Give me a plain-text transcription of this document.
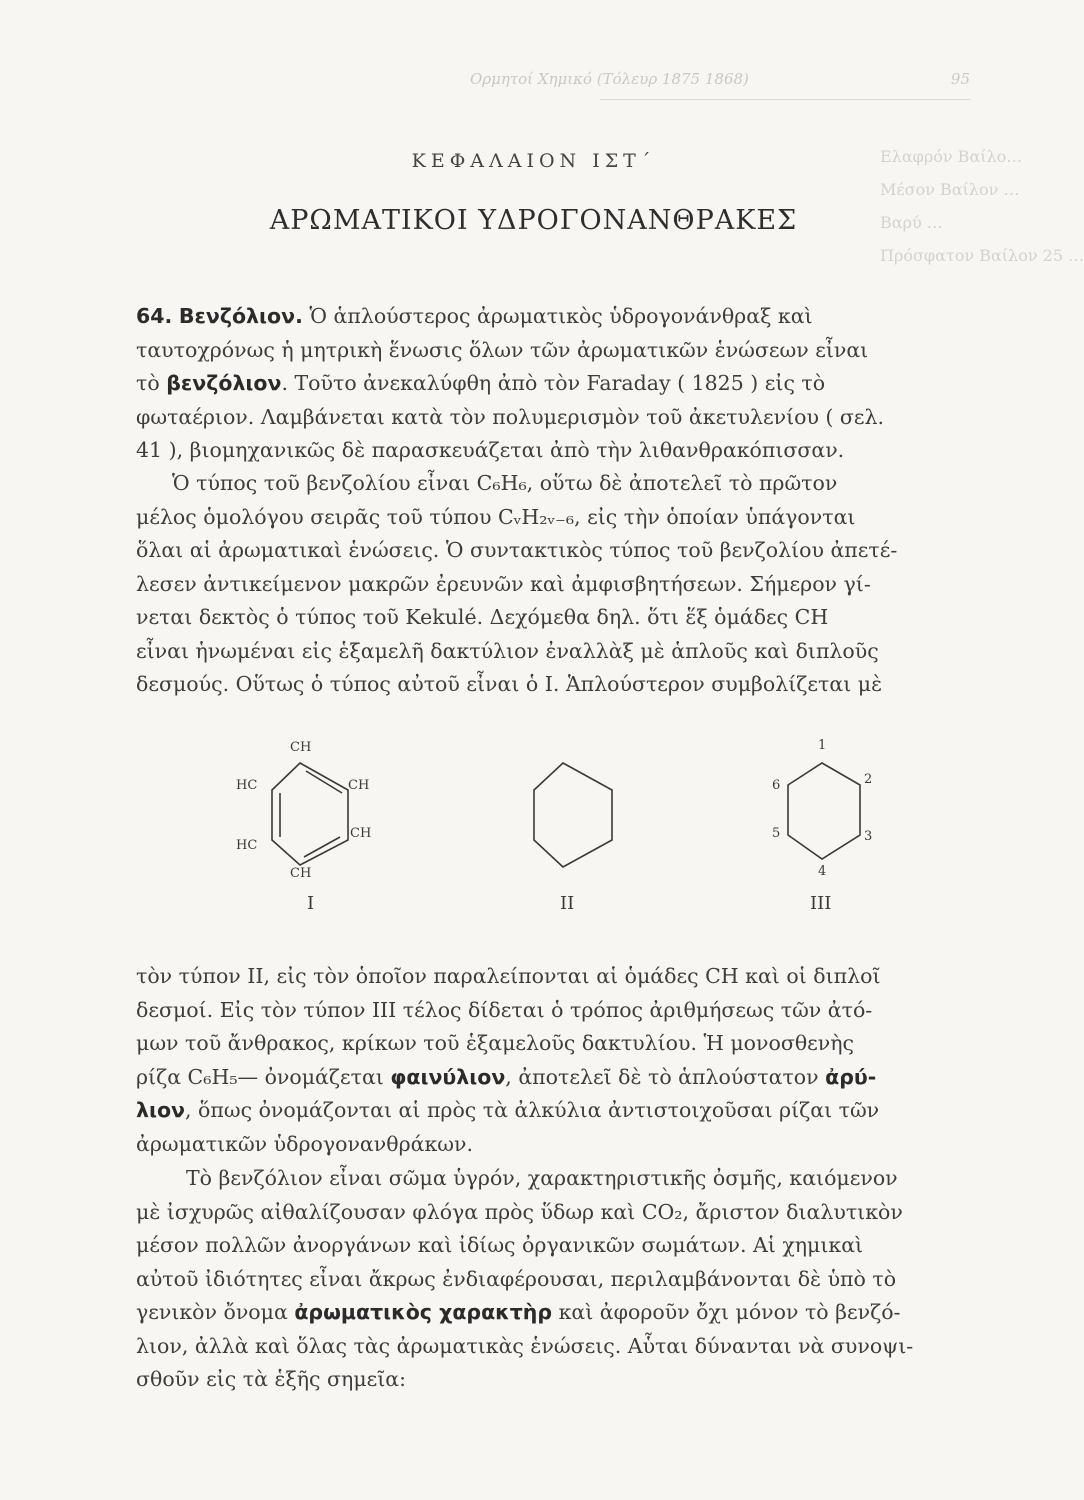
Ορμητοί Χημικό (Τόλευρ 1875 1868)	95
Ελαφρόν Βαίλο…
Μέσον Βαίλον …
Βαρύ …
Πρόσφατον Βαίλον 25 …
ΚΕΦΑΛΑΙΟΝ ΙΣΤ΄
ΑΡΩΜΑΤΙΚΟΙ ΥΔΡΟΓΟΝΑΝΘΡΑΚΕΣ
64. Βενζόλιον. Ὁ ἁπλούστερος ἀρωματικὸς ὑδρογονάνθραξ καὶ
ταυτοχρόνως ἡ μητρικὴ ἕνωσις ὅλων τῶν ἀρωματικῶν ἑνώσεων εἶναι
τὸ βενζόλιον. Τοῦτο ἀνεκαλύφθη ἀπὸ τὸν Faraday ( 1825 ) εἰς τὸ
φωταέριον. Λαμβάνεται κατὰ τὸν πολυμερισμὸν τοῦ ἀκετυλενίου ( σελ.
41 ), βιομηχανικῶς δὲ παρασκευάζεται ἀπὸ τὴν λιθανθρακόπισσαν.
Ὁ τύπος τοῦ βενζολίου εἶναι C₆H₆, οὕτω δὲ ἀποτελεῖ τὸ πρῶτον
μέλος ὁμολόγου σειρᾶς τοῦ τύπου CᵥH₂ᵥ₋₆, εἰς τὴν ὁποίαν ὑπάγονται
ὅλαι αἱ ἀρωματικαὶ ἑνώσεις. Ὁ συντακτικὸς τύπος τοῦ βενζολίου ἀπετέ-
λεσεν ἀντικείμενον μακρῶν ἐρευνῶν καὶ ἀμφισβητήσεων. Σήμερον γί-
νεται δεκτὸς ὁ τύπος τοῦ Kekulé. Δεχόμεθα δηλ. ὅτι ἕξ ὁμάδες CH
εἶναι ἡνωμέναι εἰς ἑξαμελῆ δακτύλιον ἐναλλὰξ μὲ ἁπλοῦς καὶ διπλοῦς
δεσμούς. Οὕτως ὁ τύπος αὐτοῦ εἶναι ὁ I. Ἁπλούστερον συμβολίζεται μὲ
CH
HC	CH
HC
CH
CH
I	II
1
2
3
4
5
6
III
τὸν τύπον II, εἰς τὸν ὁποῖον παραλείπονται αἱ ὁμάδες CH καὶ οἱ διπλοῖ
δεσμοί. Εἰς τὸν τύπον III τέλος δίδεται ὁ τρόπος ἀριθμήσεως τῶν ἀτό-
μων τοῦ ἄνθρακος, κρίκων τοῦ ἑξαμελοῦς δακτυλίου. Ἡ μονοσθενὴς
ρίζα C₆H₅— ὀνομάζεται φαινύλιον, ἀποτελεῖ δὲ τὸ ἁπλούστατον ἀρύ-
λιον, ὅπως ὀνομάζονται αἱ πρὸς τὰ ἀλκύλια ἀντιστοιχοῦσαι ρίζαι τῶν
ἀρωματικῶν ὑδρογονανθράκων.
Τὸ βενζόλιον εἶναι σῶμα ὑγρόν, χαρακτηριστικῆς ὀσμῆς, καιόμενον
μὲ ἰσχυρῶς αἰθαλίζουσαν φλόγα πρὸς ὕδωρ καὶ CO₂, ἄριστον διαλυτικὸν
μέσον πολλῶν ἀνοργάνων καὶ ἰδίως ὀργανικῶν σωμάτων. Αἱ χημικαὶ
αὐτοῦ ἰδιότητες εἶναι ἄκρως ἐνδιαφέρουσαι, περιλαμβάνονται δὲ ὑπὸ τὸ
γενικὸν ὄνομα ἀρωματικὸς χαρακτὴρ καὶ ἀφοροῦν ὄχι μόνον τὸ βενζό-
λιον, ἀλλὰ καὶ ὅλας τὰς ἀρωματικὰς ἑνώσεις. Αὗται δύνανται νὰ συνοψι-
σθοῦν εἰς τὰ ἑξῆς σημεῖα:
